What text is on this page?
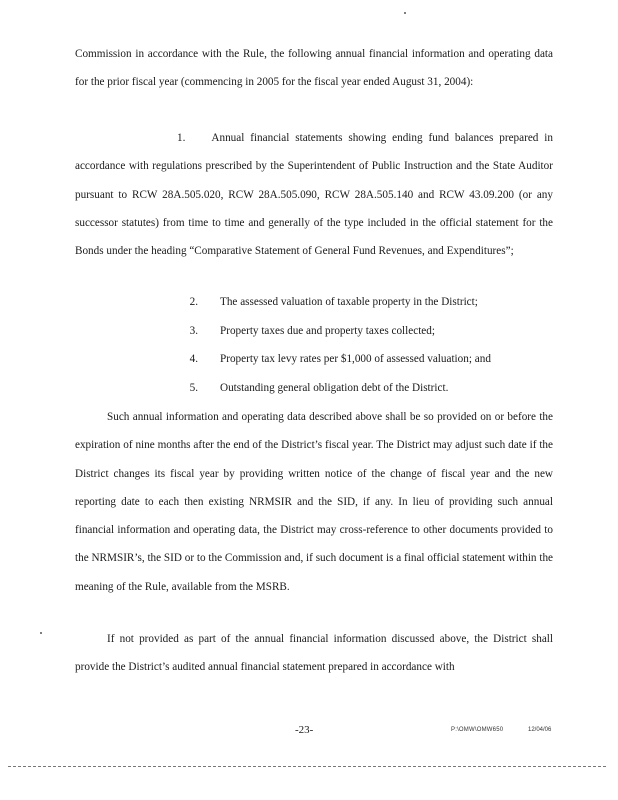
Commission in accordance with the Rule, the following annual financial information and operating data for the prior fiscal year (commencing in 2005 for the fiscal year ended August 31, 2004):

1. Annual financial statements showing ending fund balances prepared in accordance with regulations prescribed by the Superintendent of Public Instruction and the State Auditor pursuant to RCW 28A.505.020, RCW 28A.505.090, RCW 28A.505.140 and RCW 43.09.200 (or any successor statutes) from time to time and generally of the type included in the official statement for the Bonds under the heading “Comparative Statement of General Fund Revenues, and Expenditures”;

2. The assessed valuation of taxable property in the District;
3. Property taxes due and property taxes collected;
4. Property tax levy rates per $1,000 of assessed valuation; and
5. Outstanding general obligation debt of the District.

Such annual information and operating data described above shall be so provided on or before the expiration of nine months after the end of the District’s fiscal year. The District may adjust such date if the District changes its fiscal year by providing written notice of the change of fiscal year and the new reporting date to each then existing NRMSIR and the SID, if any. In lieu of providing such annual financial information and operating data, the District may cross-reference to other documents provided to the NRMSIR’s, the SID or to the Commission and, if such document is a final official statement within the meaning of the Rule, available from the MSRB.

If not provided as part of the annual financial information discussed above, the District shall provide the District’s audited annual financial statement prepared in accordance with

-23-	P:\OMW\OMW650	12/04/06
